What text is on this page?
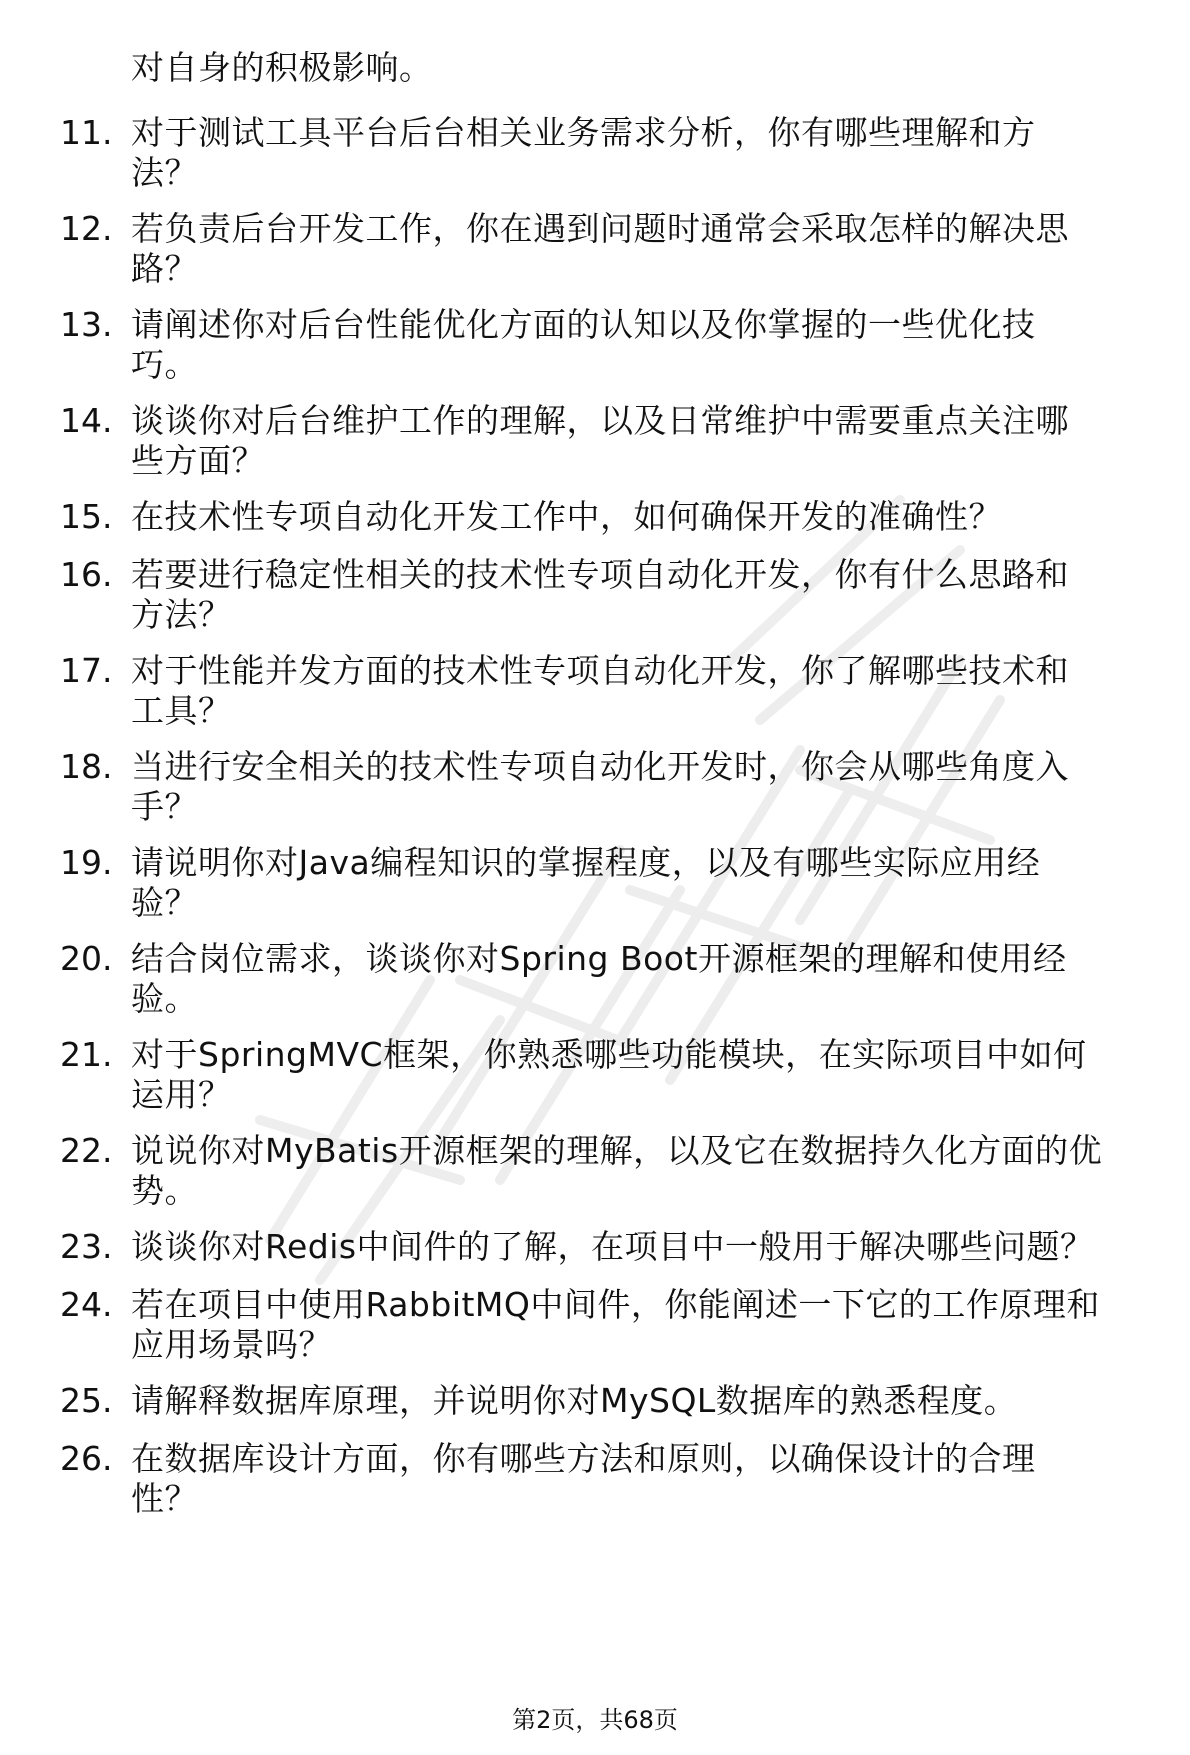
对自身的积极影响。
11. 对于测试工具平台后台相关业务需求分析，你有哪些理解和方
法？
12. 若负责后台开发工作，你在遇到问题时通常会采取怎样的解决思
路？
13. 请阐述你对后台性能优化方面的认知以及你掌握的一些优化技
巧。
14. 谈谈你对后台维护工作的理解，以及日常维护中需要重点关注哪
些方面？
15. 在技术性专项自动化开发工作中，如何确保开发的准确性？
16. 若要进行稳定性相关的技术性专项自动化开发，你有什么思路和
方法？
17. 对于性能并发方面的技术性专项自动化开发，你了解哪些技术和
工具？
18. 当进行安全相关的技术性专项自动化开发时，你会从哪些角度入
手？
19. 请说明你对Java编程知识的掌握程度，以及有哪些实际应用经
验？
20. 结合岗位需求，谈谈你对Spring Boot开源框架的理解和使用经
验。
21. 对于SpringMVC框架，你熟悉哪些功能模块，在实际项目中如何
运用？
22. 说说你对MyBatis开源框架的理解，以及它在数据持久化方面的优
势。
23. 谈谈你对Redis中间件的了解，在项目中一般用于解决哪些问题？
24. 若在项目中使用RabbitMQ中间件，你能阐述一下它的工作原理和
应用场景吗？
25. 请解释数据库原理，并说明你对MySQL数据库的熟悉程度。
26. 在数据库设计方面，你有哪些方法和原则，以确保设计的合理
性？
第2页，共68页
